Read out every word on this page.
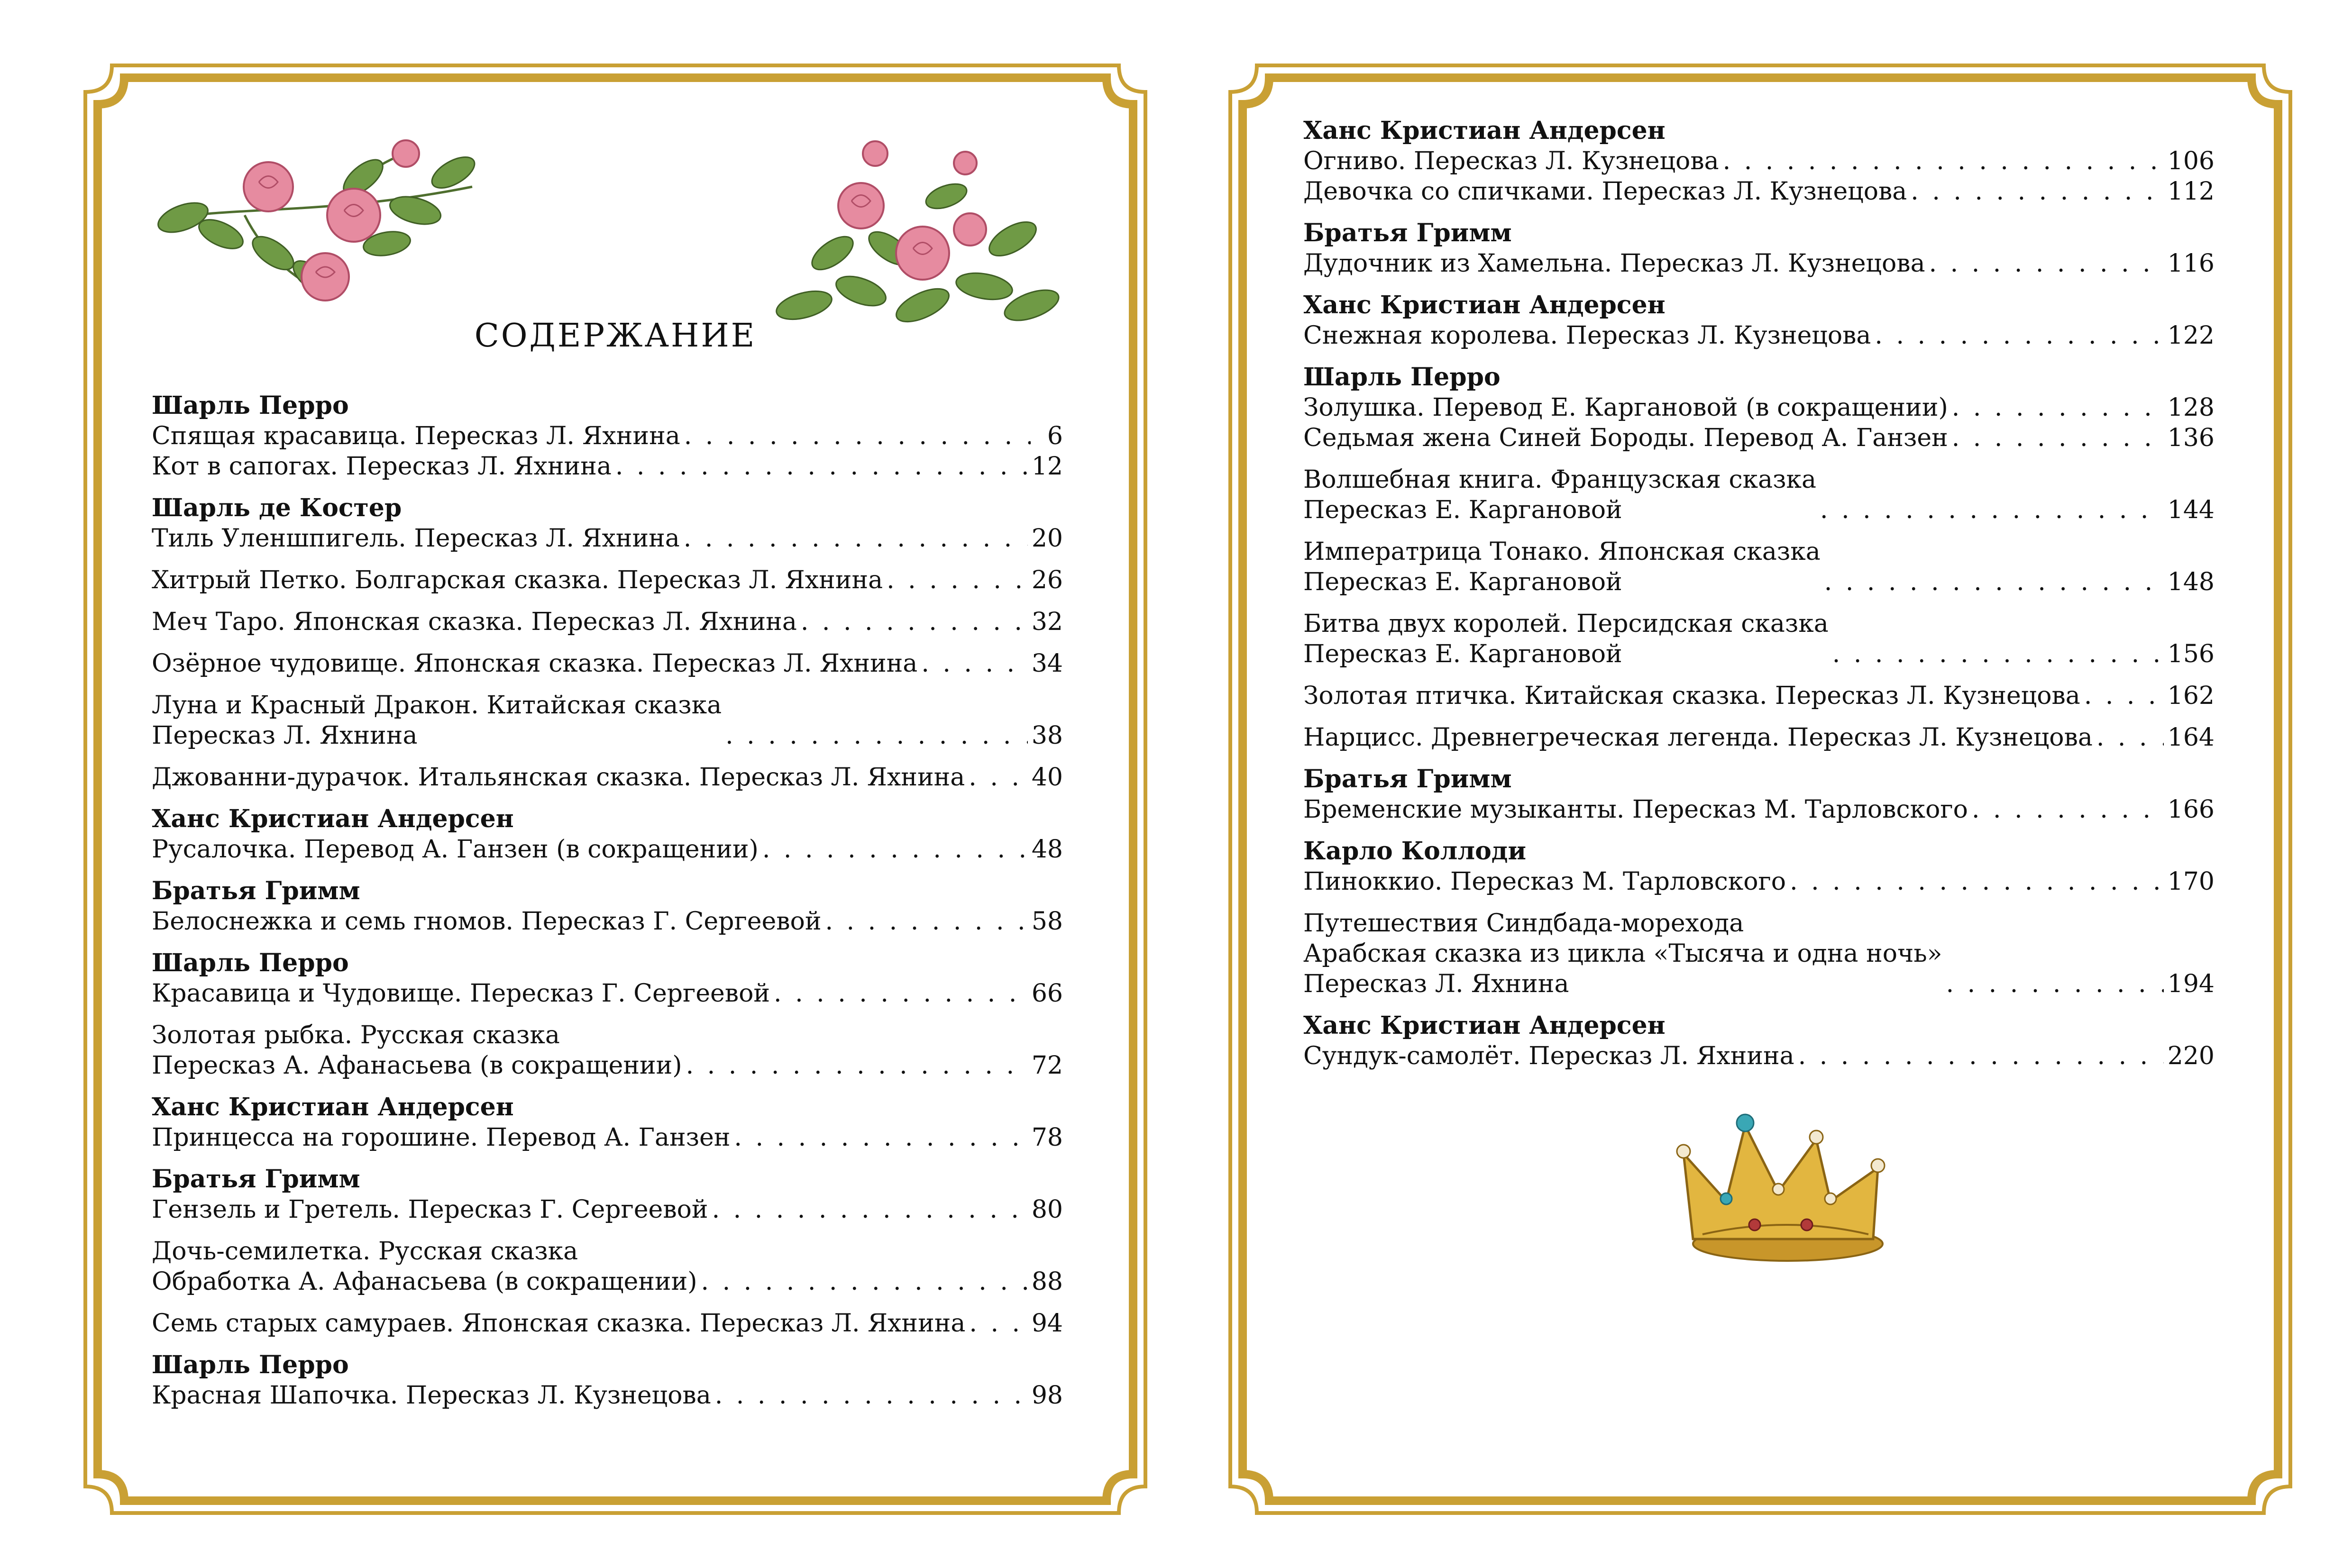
СОДЕРЖАНИЕ
Шарль Перро
Спящая красавица. Пересказ Л. Яхнина . . .	6
Кот в сапогах. Пересказ Л. Яхнина . . .	12
Шарль де Костер
Тиль Уленшпигель. Пересказ Л. Яхнина . . .	20
Хитрый Петко. Болгарская сказка. Пересказ Л. Яхнина . . .	26
Меч Таро. Японская сказка. Пересказ Л. Яхнина . . .	32
Озёрное чудовище. Японская сказка. Пересказ Л. Яхнина . . .	34
Луна и Красный Дракон. Китайская сказка
Пересказ Л. Яхнина . . .	38
Джованни-дурачок. Итальянская сказка. Пересказ Л. Яхнина . . .	40
Ханс Кристиан Андерсен
Русалочка. Перевод А. Ганзен (в сокращении) . . .	48
Братья Гримм
Белоснежка и семь гномов. Пересказ Г. Сергеевой . . .	58
Шарль Перро
Красавица и Чудовище. Пересказ Г. Сергеевой . . .	66
Золотая рыбка. Русская сказка
Пересказ А. Афанасьева (в сокращении) . . .	72
Ханс Кристиан Андерсен
Принцесса на горошине. Перевод А. Ганзен . . .	78
Братья Гримм
Гензель и Гретель. Пересказ Г. Сергеевой . . .	80
Дочь-семилетка. Русская сказка
Обработка А. Афанасьева (в сокращении) . . .	88
Семь старых самураев. Японская сказка. Пересказ Л. Яхнина . . .	94
Шарль Перро
Красная Шапочка. Пересказ Л. Кузнецова . . .	98
Ханс Кристиан Андерсен
Огниво. Пересказ Л. Кузнецова . . .	106
Девочка со спичками. Пересказ Л. Кузнецова . . .	112
Братья Гримм
Дудочник из Хамельна. Пересказ Л. Кузнецова . . .	116
Ханс Кристиан Андерсен
Снежная королева. Пересказ Л. Кузнецова . . .	122
Шарль Перро
Золушка. Перевод Е. Каргановой (в сокращении) . . .	128
Седьмая жена Синей Бороды. Перевод А. Ганзен . . .	136
Волшебная книга. Французская сказка
Пересказ Е. Каргановой . . .	144
Императрица Тонако. Японская сказка
Пересказ Е. Каргановой . . .	148
Битва двух королей. Персидская сказка
Пересказ Е. Каргановой . . .	156
Золотая птичка. Китайская сказка. Пересказ Л. Кузнецова . . .	162
Нарцисс. Древнегреческая легенда. Пересказ Л. Кузнецова . . .	164
Братья Гримм
Бременские музыканты. Пересказ М. Тарловского . . .	166
Карло Коллоди
Пиноккио. Пересказ М. Тарловского . . .	170
Путешествия Синдбада-морехода
Арабская сказка из цикла «Тысяча и одна ночь»
Пересказ Л. Яхнина . . .	194
Ханс Кристиан Андерсен
Сундук-самолёт. Пересказ Л. Яхнина . . .	220
